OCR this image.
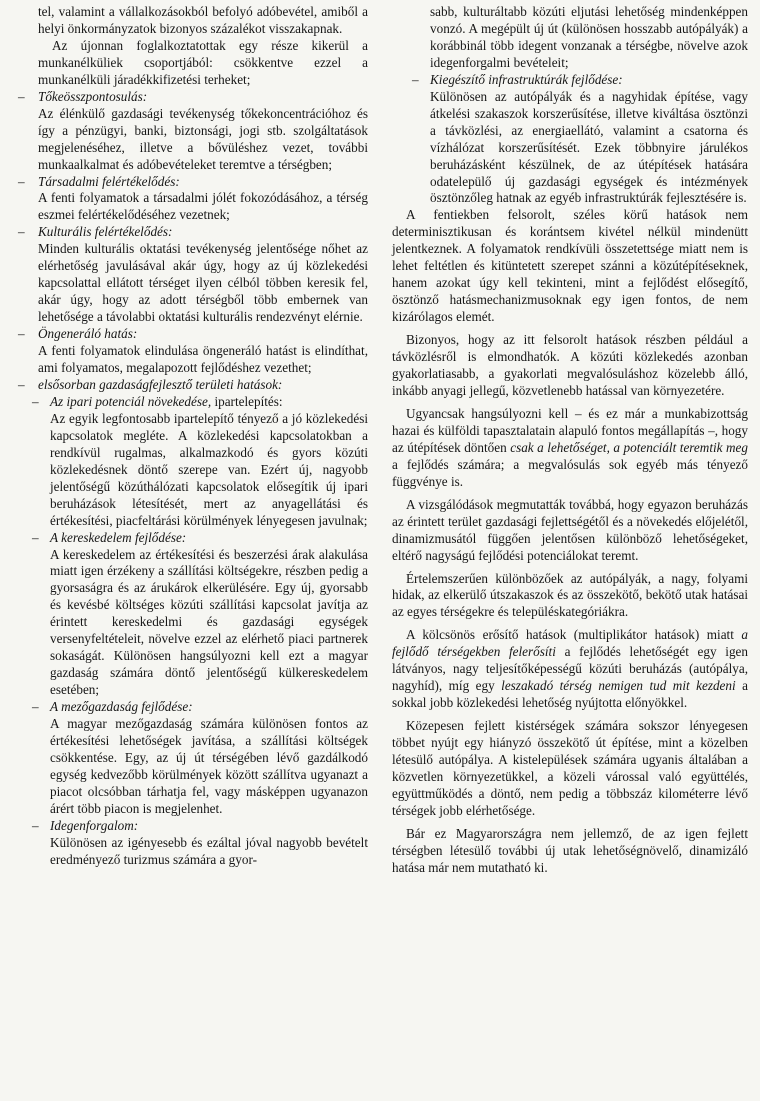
tel, valamint a vállalkozásokból befolyó adóbevétel, amiből a helyi önkormányzatok bizonyos százalékot visszakapnak.

Az újonnan foglalkoztatottak egy része kikerül a munkanélküliek csoportjából: csökkentve ezzel a munkanélküli járadékkifizetési terheket;

– Tőkeösszpontosulás:

Az élénkülő gazdasági tevékenység tőkekoncentrációhoz és így a pénzügyi, banki, biztonsági, jogi stb. szolgáltatások megjelenéséhez, illetve a bővüléshez vezet, további munkaalkalmat és adóbevételeket teremtve a térségben;

– Társadalmi felértékelődés:

A fenti folyamatok a társadalmi jólét fokozódásához, a térség eszmei felértékelődéséhez vezetnek;

– Kulturális felértékelődés:

Minden kulturális oktatási tevékenység jelentősége nőhet az elérhetőség javulásával akár úgy, hogy az új közlekedési kapcsolattal ellátott térséget ilyen célból többen keresik fel, akár úgy, hogy az adott térségből több embernek van lehetősége a távolabbi oktatási kulturális rendezvényt elérnie.

– Öngeneráló hatás:

A fenti folyamatok elindulása öngeneráló hatást is elindíthat, ami folyamatos, megalapozott fejlődéshez vezethet;

– elsősorban gazdaságfejlesztő területi hatások:

– Az ipari potenciál növekedése, ipartelepítés:

Az egyik legfontosabb ipartelepítő tényező a jó közlekedési kapcsolatok megléte. A közlekedési kapcsolatokban a rendkívül rugalmas, alkalmazkodó és gyors közúti közlekedésnek döntő szerepe van. Ezért új, nagyobb jelentőségű közúthálózati kapcsolatok elősegítik új ipari beruházások létesítését, mert az anyagellátási és értékesítési, piacfeltárási körülmények lényegesen javulnak;

– A kereskedelem fejlődése:

A kereskedelem az értékesítési és beszerzési árak alakulása miatt igen érzékeny a szállítási költségekre, részben pedig a gyorsaságra és az árukárok elkerülésére. Egy új, gyorsabb és kevésbé költséges közúti szállítási kapcsolat javítja az érintett kereskedelmi és gazdasági egységek versenyfeltételeit, növelve ezzel az elérhető piaci partnerek sokaságát. Különösen hangsúlyozni kell ezt a magyar gazdaság számára döntő jelentőségű külkereskedelem esetében;

– A mezőgazdaság fejlődése:

A magyar mezőgazdaság számára különösen fontos az értékesítési lehetőségek javítása, a szállítási költségek csökkentése. Egy, az új út térségében lévő gazdálkodó egység kedvezőbb körülmények között szállítva ugyanazt a piacot olcsóbban tárhatja fel, vagy másképpen ugyanazon árért több piacon is megjelenhet.

– Idegenforgalom:

Különösen az igényesebb és ezáltal jóval nagyobb bevételt eredményező turizmus számára a gyor-

sabb, kulturáltabb közúti eljutási lehetőség mindenképpen vonzó. A megépült új út (különösen hosszabb autópályák) a korábbinál több idegent vonzanak a térségbe, növelve azok idegenforgalmi bevételeit;

– Kiegészítő infrastruktúrák fejlődése:

Különösen az autópályák és a nagyhidak építése, vagy átkelési szakaszok korszerűsítése, illetve kiváltása ösztönzi a távközlési, az energiaellátó, valamint a csatorna és vízhálózat korszerűsítését. Ezek többnyire járulékos beruházásként készülnek, de az útépítések hatására odatelepülő új gazdasági egységek és intézmények ösztönzőleg hatnak az egyéb infrastruktúrák fejlesztésére is.

A fentiekben felsorolt, széles körű hatások nem determinisztikusan és korántsem kivétel nélkül mindenütt jelentkeznek. A folyamatok rendkívüli összetettsége miatt nem is lehet feltétlen és kitüntetett szerepet szánni a közútépítéseknek, hanem azokat úgy kell tekinteni, mint a fejlődést elősegítő, ösztönző hatásmechanizmusoknak egy igen fontos, de nem kizárólagos elemét.

Bizonyos, hogy az itt felsorolt hatások részben például a távközlésről is elmondhatók. A közúti közlekedés azonban gyakorlatiasabb, a gyakorlati megvalósuláshoz közelebb álló, inkább anyagi jellegű, közvetlenebb hatással van környezetére.

Ugyancsak hangsúlyozni kell – és ez már a munkabizottság hazai és külföldi tapasztalatain alapuló fontos megállapítás –, hogy az útépítések döntően csak a lehetőséget, a potenciált teremtik meg a fejlődés számára; a megvalósulás sok egyéb más tényező függvénye is.

A vizsgálódások megmutatták továbbá, hogy egyazon beruházás az érintett terület gazdasági fejlettségétől és a növekedés előjelétől, dinamizmusától függően jelentősen különböző lehetőségeket, eltérő nagyságú fejlődési potenciálokat teremt.

Értelemszerűen különbözőek az autópályák, a nagy, folyami hidak, az elkerülő útszakaszok és az összekötő, bekötő utak hatásai az egyes térségekre és településkategóriákra.

A kölcsönös erősítő hatások (multiplikátor hatások) miatt a fejlődő térségekben felerősíti a fejlődés lehetőségét egy igen látványos, nagy teljesítőképességű közúti beruházás (autópálya, nagyhíd), míg egy leszakadó térség nemigen tud mit kezdeni a sokkal jobb közlekedési lehetőség nyújtotta előnyökkel.

Közepesen fejlett kistérségek számára sokszor lényegesen többet nyújt egy hiányzó összekötő út építése, mint a közelben létesülő autópálya. A kistelepülések számára ugyanis általában a közvetlen környezetükkel, a közeli várossal való együttélés, együttműködés a döntő, nem pedig a többszáz kilométerre lévő térségek jobb elérhetősége.

Bár ez Magyarországra nem jellemző, de az igen fejlett térségben létesülő további új utak lehetőségnövelő, dinamizáló hatása már nem mutatható ki.
